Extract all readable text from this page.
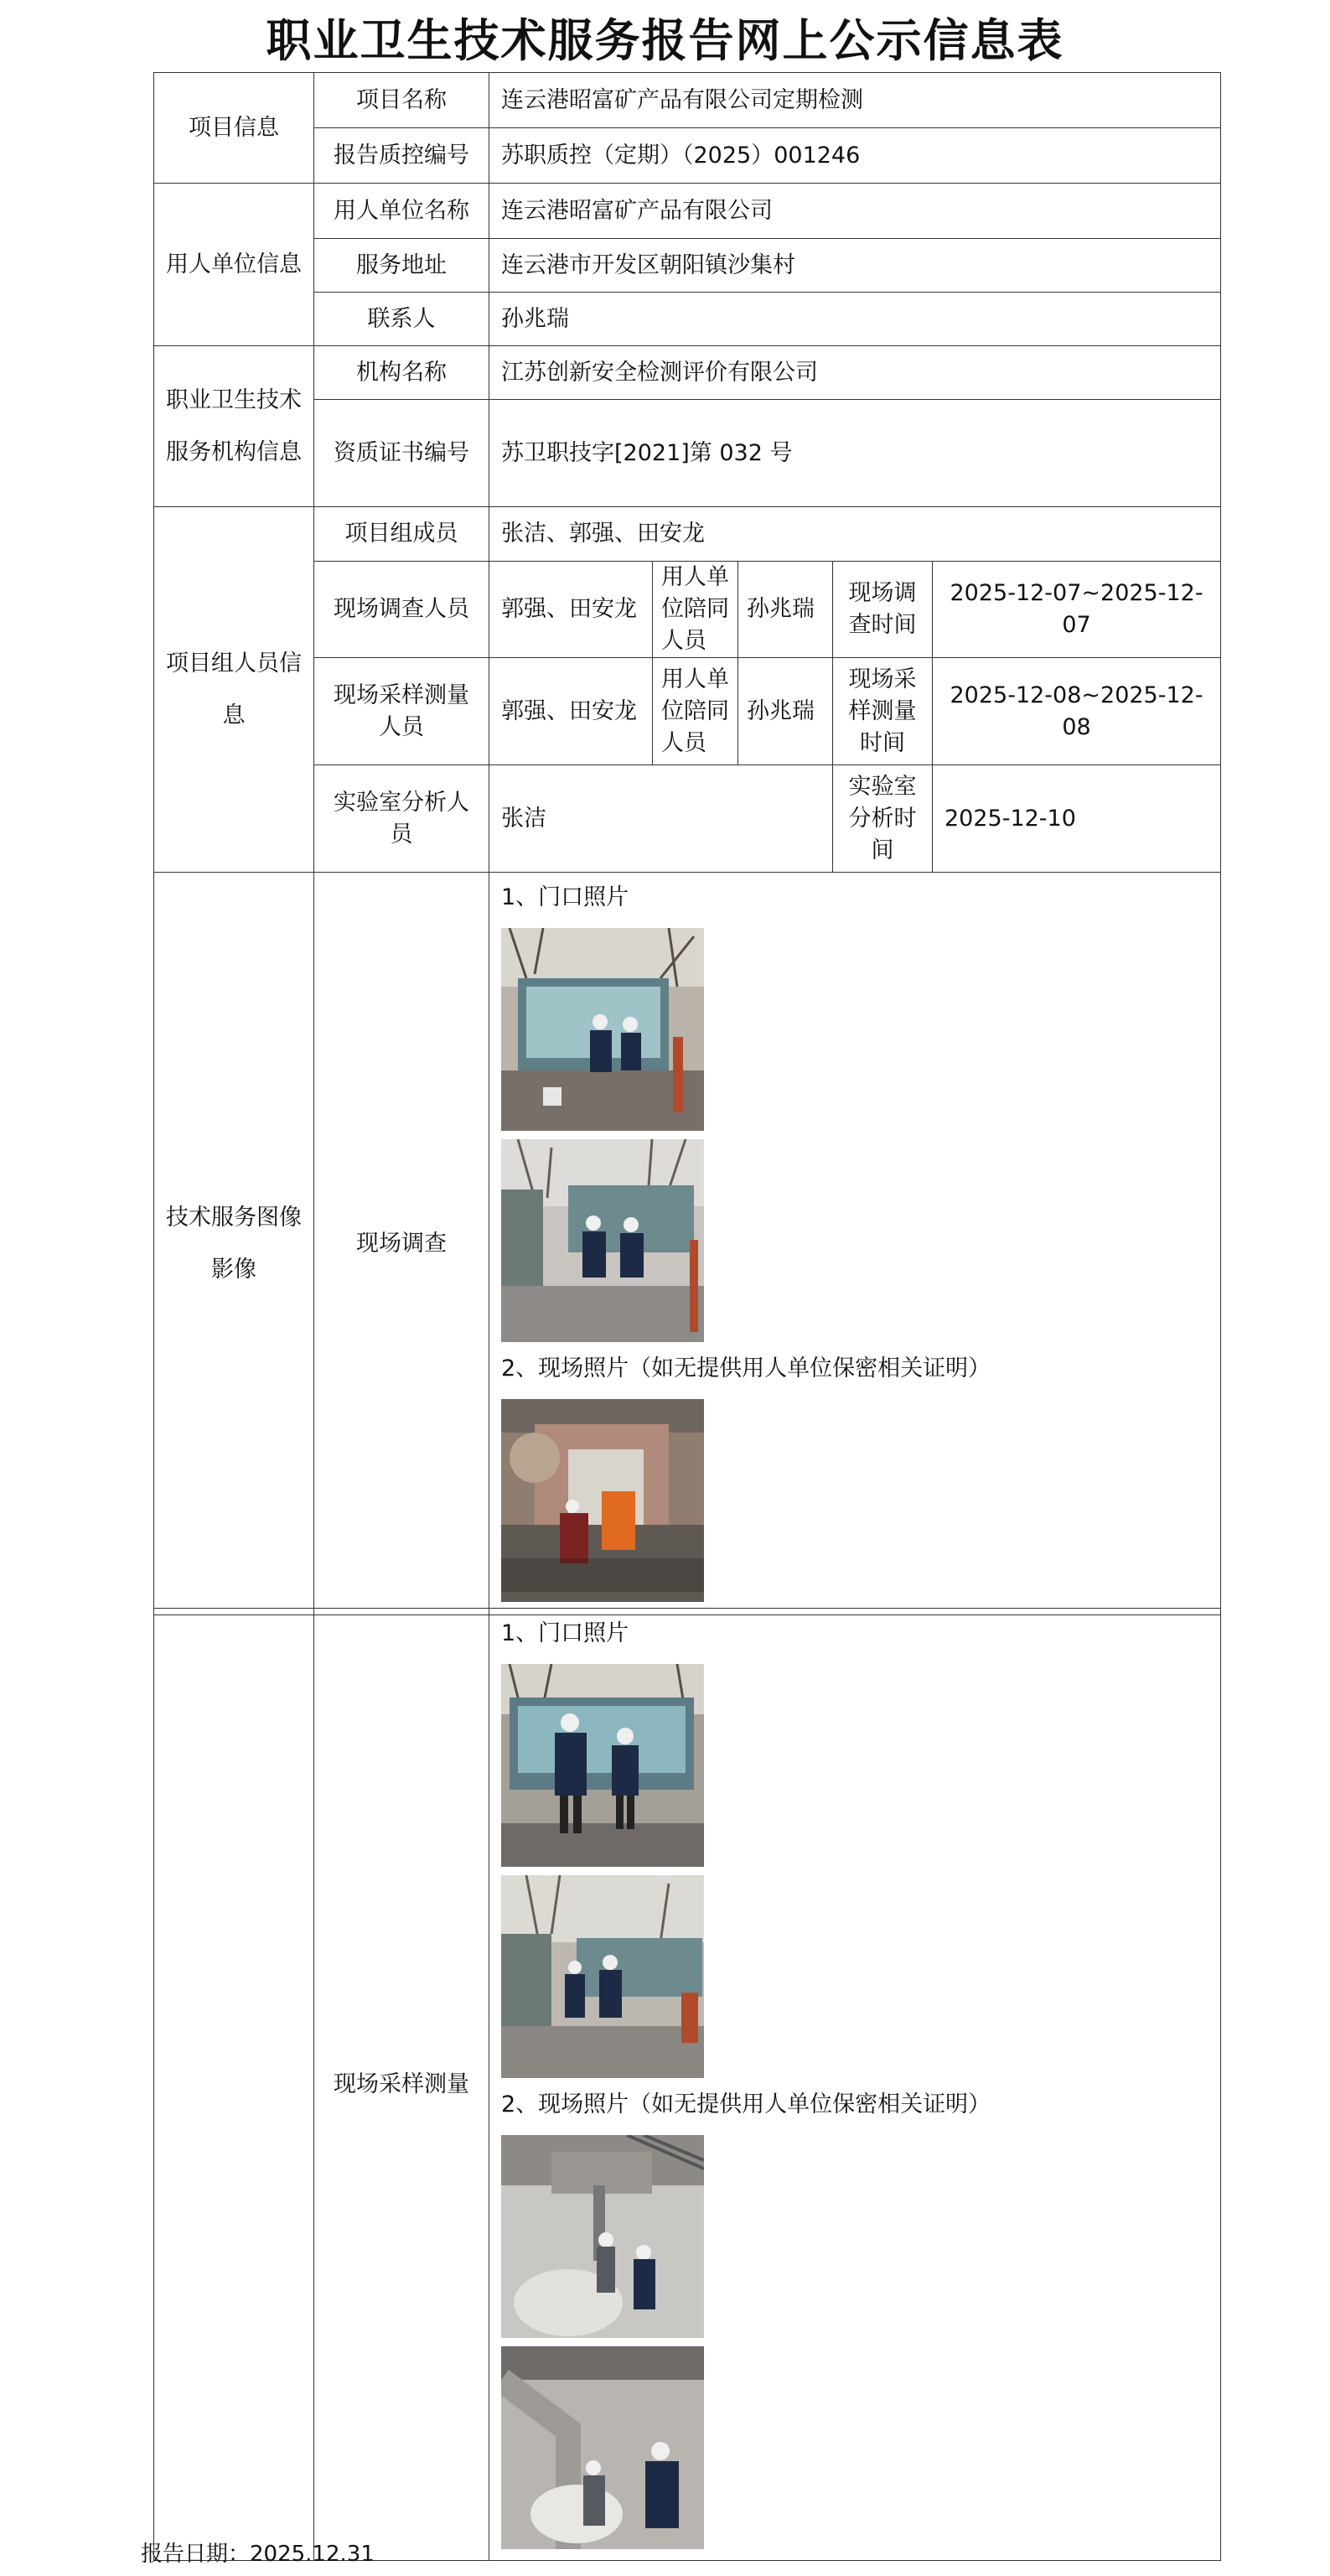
职业卫生技术服务报告网上公示信息表
项目信息	项目名称	连云港昭富矿产品有限公司定期检测				
	报告质控编号	苏职质控（定期）（2025）001246				
用人单位信息	用人单位名称	连云港昭富矿产品有限公司				
	服务地址	连云港市开发区朝阳镇沙集村				
	联系人	孙兆瑞				
职业卫生技术服务机构信息	机构名称	江苏创新安全检测评价有限公司				
	资质证书编号	苏卫职技字[2021]第 032 号				
项目组人员信息	项目组成员	张洁、郭强、田安龙				
	现场调查人员	郭强、田安龙	用人单位陪同人员	孙兆瑞	现场调查时间	2025-12-07~2025-12-07
	现场采样测量人员	郭强、田安龙	用人单位陪同人员	孙兆瑞	现场采样测量时间	2025-12-08~2025-12-08
	实验室分析人员	张洁			实验室分析时间	2025-12-10
技术服务图像影像	现场调查	1、门口照片
2、现场照片（如无提供用人单位保密相关证明）				
	现场采样测量	
1、门口照片
2、现场照片（如无提供用人单位保密相关证明）
报告日期：2025.12.31
